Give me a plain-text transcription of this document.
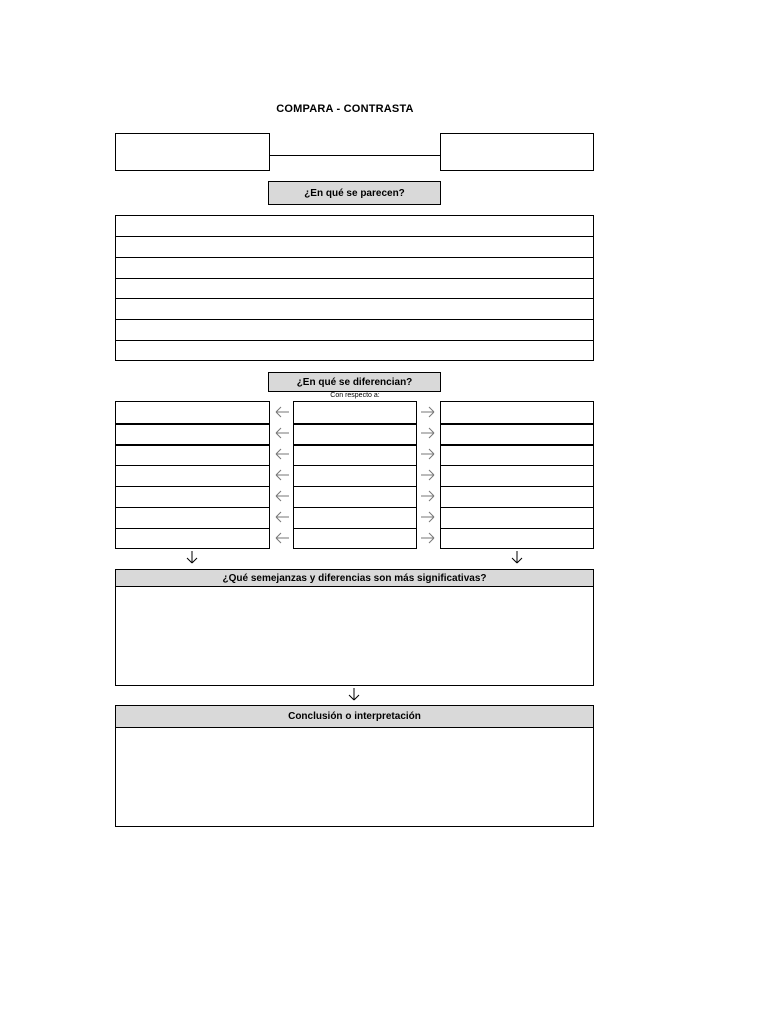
COMPARA - CONTRASTA
¿En qué se parecen?
¿En qué se diferencian?
Con respecto a:
¿Qué semejanzas y diferencias son más significativas?
Conclusión o interpretación
